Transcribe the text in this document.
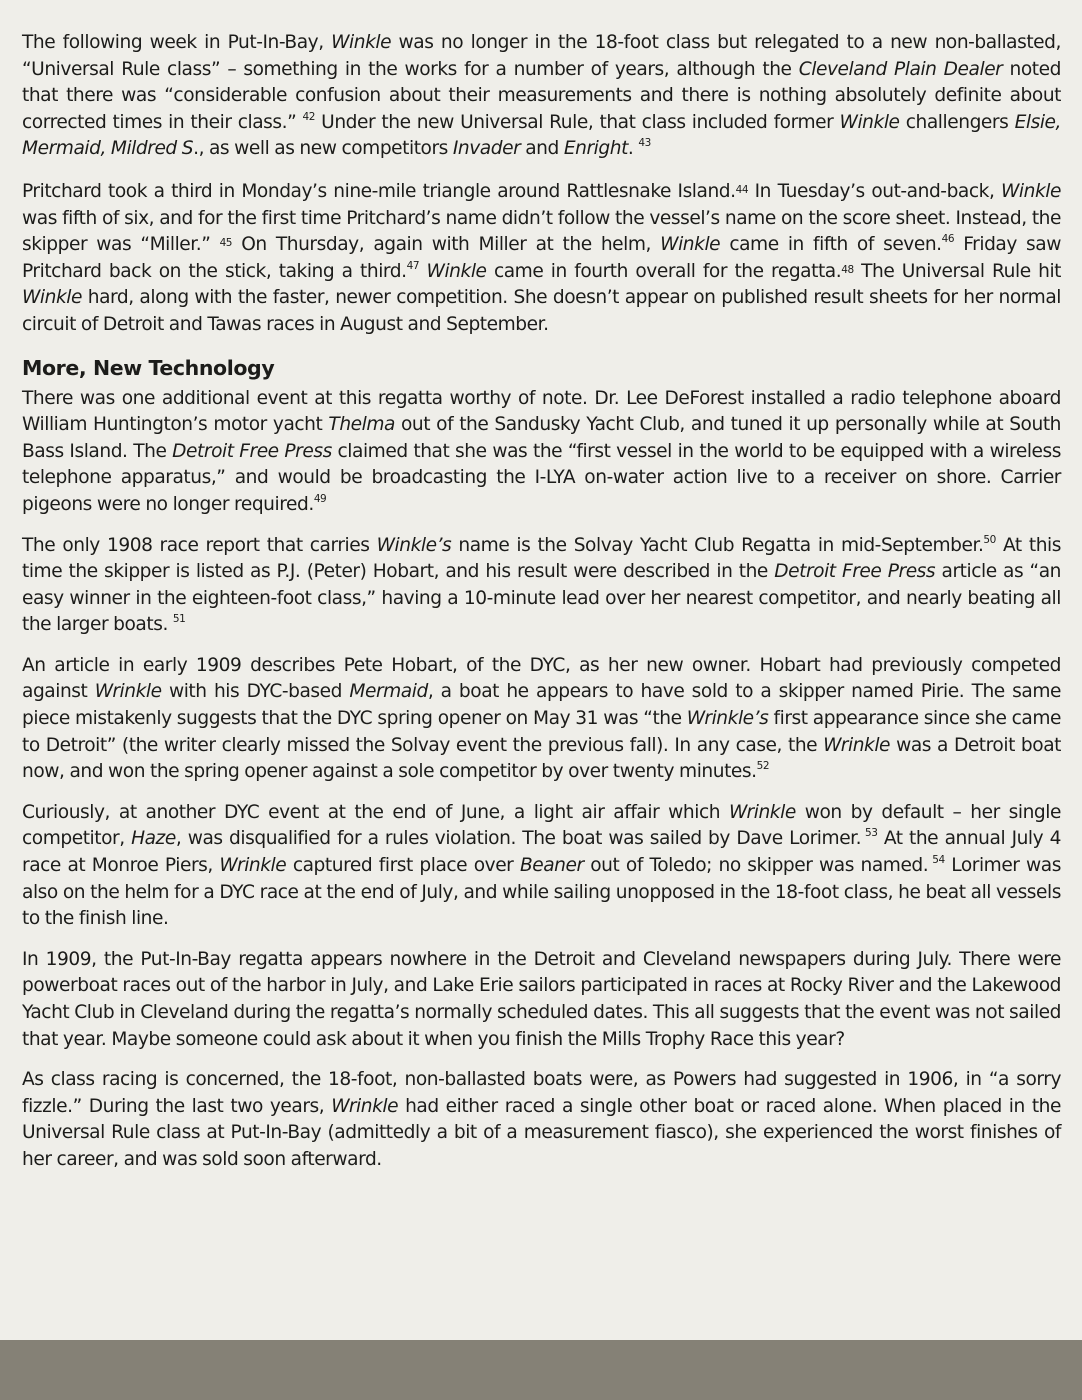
The following week in Put-In-Bay, Winkle was no longer in the 18-foot class but relegated to a new non-ballasted, “Universal Rule class” – something in the works for a number of years, although the Cleveland Plain Dealer noted that there was “considerable confusion about their measurements and there is nothing absolutely definite about corrected times in their class.” $^{42}$ Under the new Universal Rule, that class included former Winkle challengers Elsie, Mermaid, Mildred S., as well as new competitors Invader and Enright. $^{43}$

Pritchard took a third in Monday’s nine-mile triangle around Rattlesnake Island.$^{44}$ In Tuesday’s out-and-back, Winkle was fifth of six, and for the first time Pritchard’s name didn’t follow the vessel’s name on the score sheet. Instead, the skipper was “Miller.” $^{45}$ On Thursday, again with Miller at the helm, Winkle came in fifth of seven.$^{46}$ Friday saw Pritchard back on the stick, taking a third.$^{47}$ Winkle came in fourth overall for the regatta.$^{48}$ The Universal Rule hit Winkle hard, along with the faster, newer competition. She doesn’t appear on published result sheets for her normal circuit of Detroit and Tawas races in August and September.

More, New Technology

There was one additional event at this regatta worthy of note. Dr. Lee DeForest installed a radio telephone aboard William Huntington’s motor yacht Thelma out of the Sandusky Yacht Club, and tuned it up personally while at South Bass Island. The Detroit Free Press claimed that she was the “first vessel in the world to be equipped with a wireless telephone apparatus,” and would be broadcasting the I-LYA on-water action live to a receiver on shore. Carrier pigeons were no longer required.$^{49}$

The only 1908 race report that carries Winkle’s name is the Solvay Yacht Club Regatta in mid-September.$^{50}$ At this time the skipper is listed as P.J. (Peter) Hobart, and his result were described in the Detroit Free Press article as “an easy winner in the eighteen-foot class,” having a 10-minute lead over her nearest competitor, and nearly beating all the larger boats. $^{51}$

An article in early 1909 describes Pete Hobart, of the DYC, as her new owner. Hobart had previously competed against Wrinkle with his DYC-based Mermaid, a boat he appears to have sold to a skipper named Pirie. The same piece mistakenly suggests that the DYC spring opener on May 31 was “the Wrinkle’s first appearance since she came to Detroit” (the writer clearly missed the Solvay event the previous fall). In any case, the Wrinkle was a Detroit boat now, and won the spring opener against a sole competitor by over twenty minutes.$^{52}$

Curiously, at another DYC event at the end of June, a light air affair which Wrinkle won by default – her single competitor, Haze, was disqualified for a rules violation. The boat was sailed by Dave Lorimer. $^{53}$ At the annual July 4 race at Monroe Piers, Wrinkle captured first place over Beaner out of Toledo; no skipper was named. $^{54}$ Lorimer was also on the helm for a DYC race at the end of July, and while sailing unopposed in the 18-foot class, he beat all vessels to the finish line.

In 1909, the Put-In-Bay regatta appears nowhere in the Detroit and Cleveland newspapers during July. There were powerboat races out of the harbor in July, and Lake Erie sailors participated in races at Rocky River and the Lakewood Yacht Club in Cleveland during the regatta’s normally scheduled dates. This all suggests that the event was not sailed that year. Maybe someone could ask about it when you finish the Mills Trophy Race this year?

As class racing is concerned, the 18-foot, non-ballasted boats were, as Powers had suggested in 1906, in “a sorry fizzle.” During the last two years, Wrinkle had either raced a single other boat or raced alone. When placed in the Universal Rule class at Put-In-Bay (admittedly a bit of a measurement fiasco), she experienced the worst finishes of her career, and was sold soon afterward.
